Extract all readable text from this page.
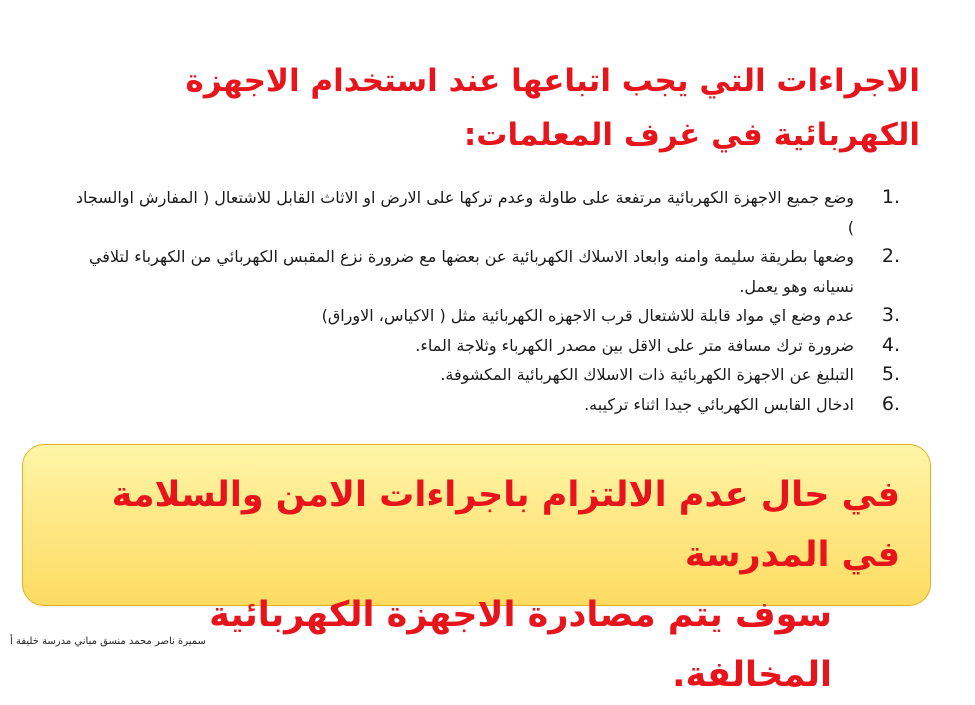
الاجراءات التي يجب اتباعها عند استخدام الاجهزة الكهربائية في غرف المعلمات:
1.
وضع جميع الاجهزة الكهربائية مرتفعة على طاولة وعدم تركها على الارض او الاثاث القابل للاشتعال ( المفارش اوالسجاد )
2.
وضعها بطريقة سليمة وامنه وابعاد الاسلاك الكهربائية عن بعضها مع ضرورة نزع المقبس الكهربائي من الكهرباء لتلافي نسيانه وهو يعمل.
3.
عدم وضع اي مواد قابلة للاشتعال قرب الاجهزه الكهربائية مثل ( الاكياس، الاوراق)
4.
ضرورة ترك مسافة متر على الاقل بين مصدر الكهرباء وثلاجة الماء.
5.
التبليغ عن الاجهزة الكهربائية ذات الاسلاك الكهربائية المكشوفة.
6.
ادخال القابس الكهربائي جيدا اثناء تركيبه.

في حال عدم الالتزام باجراءات الامن والسلامة في المدرسة
سوف يتم مصادرة الاجهزة الكهربائية المخالفة.

سميرة ناصر محمد منسق مباني مدرسة خليفة أ
